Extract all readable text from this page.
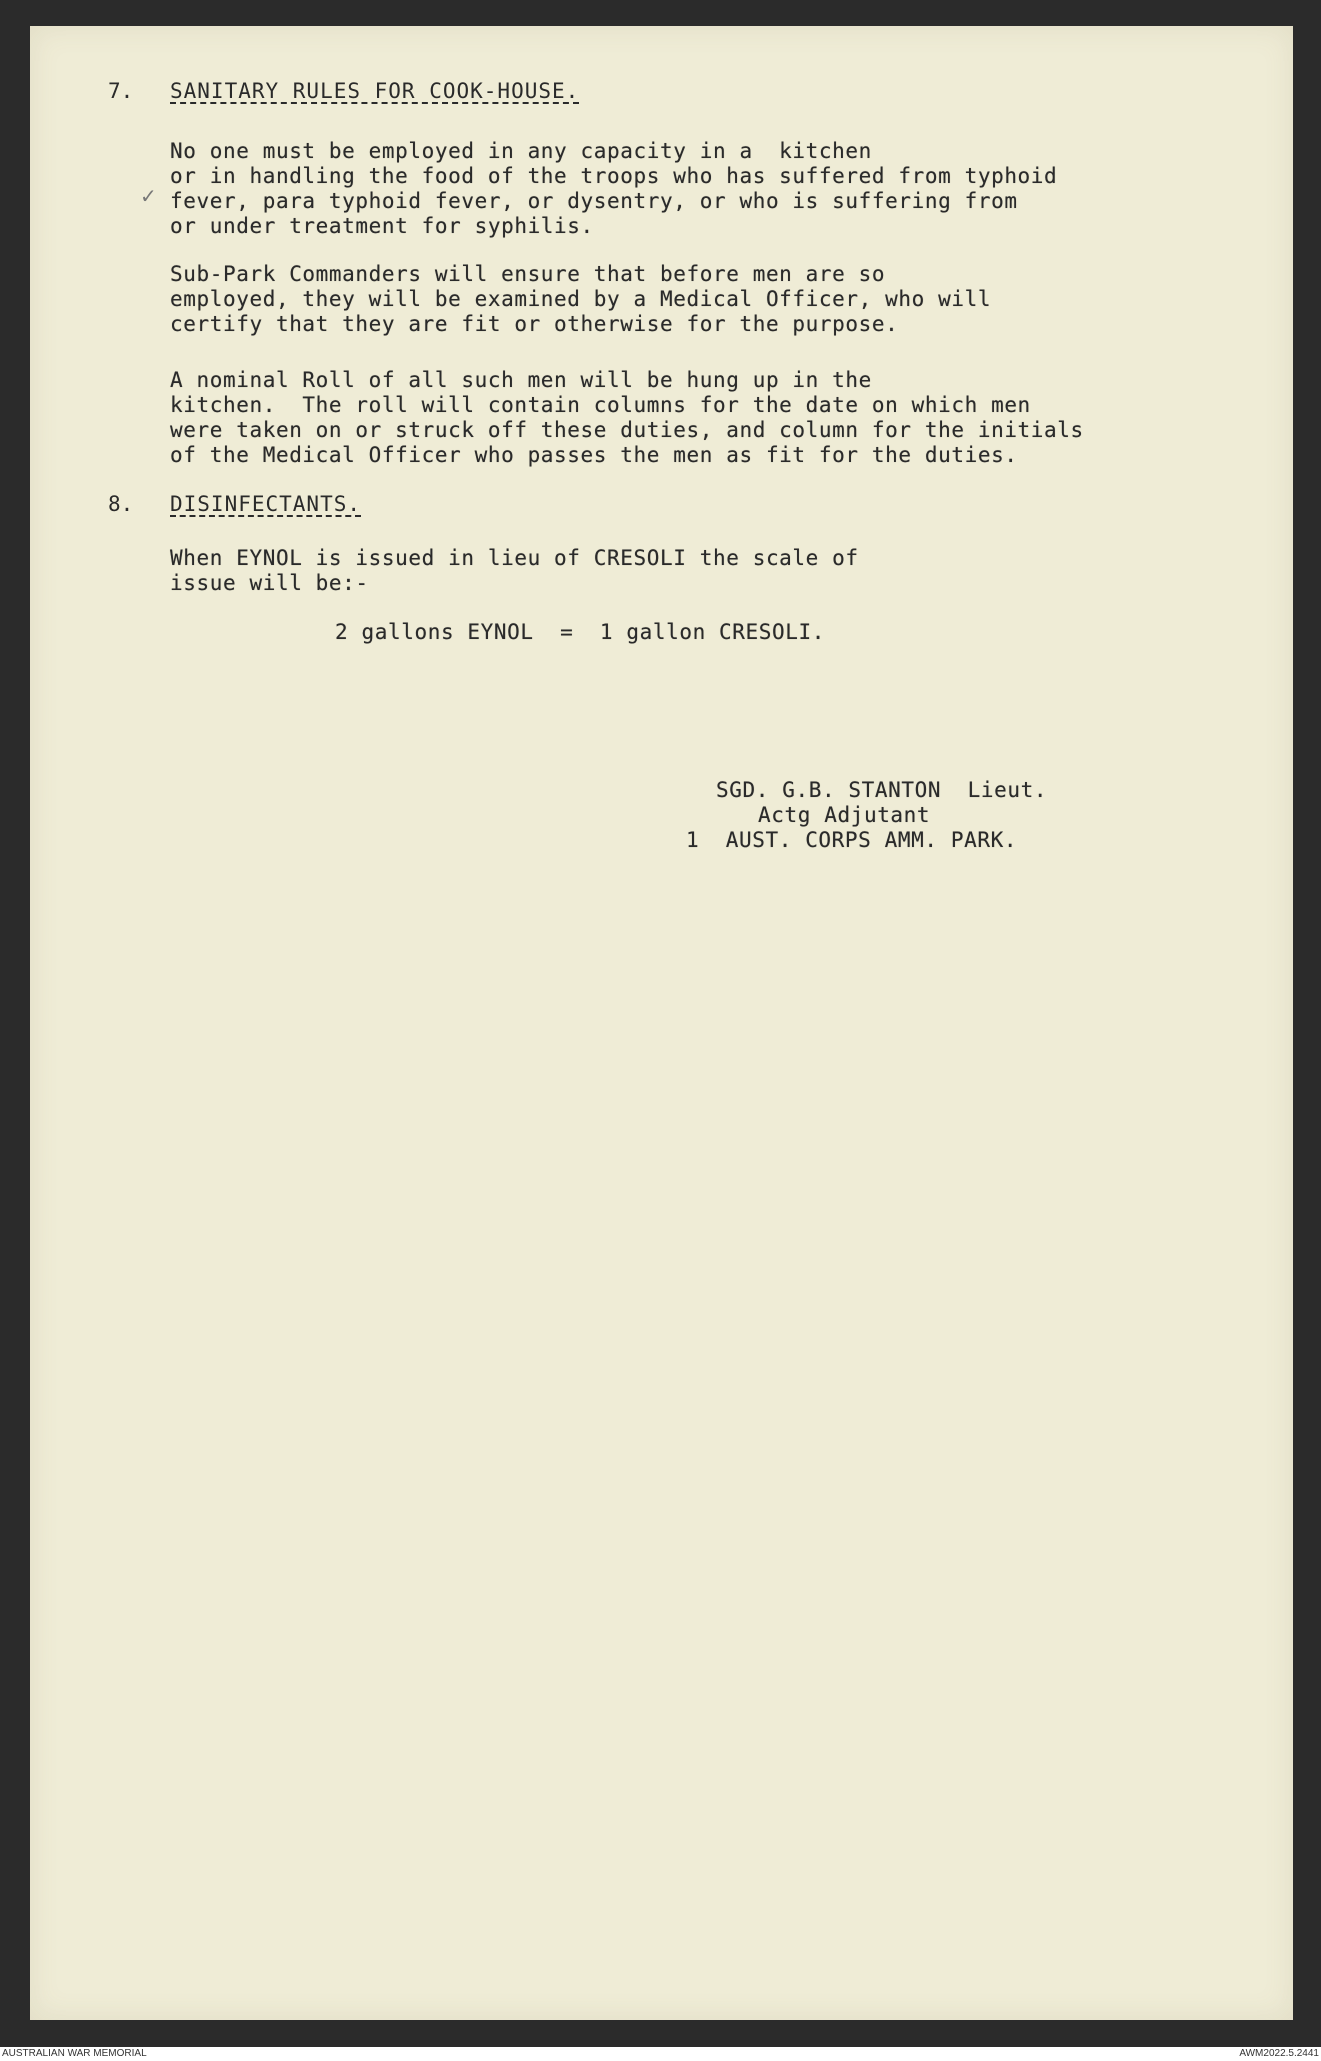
7. SANITARY RULES FOR COOK-HOUSE.
No one must be employed in any capacity in a  kitchen
or in handling the food of the troops who has suffered from typhoid
fever, para typhoid fever, or dysentry, or who is suffering from
or under treatment for syphilis.
Sub-Park Commanders will ensure that before men are so
employed, they will be examined by a Medical Officer, who will
certify that they are fit or otherwise for the purpose.
A nominal Roll of all such men will be hung up in the
kitchen.  The roll will contain columns for the date on which men
were taken on or struck off these duties, and column for the initials
of the Medical Officer who passes the men as fit for the duties.
8. DISINFECTANTS.
When EYNOL is issued in lieu of CRESOLI the scale of
issue will be:-
2 gallons EYNOL  =  1 gallon CRESOLI.
SGD. G.B. STANTON  Lieut.
Actg Adjutant
1  AUST. CORPS AMM. PARK.
✓
AUSTRALIAN WAR MEMORIAL	AWM2022.5.2441
